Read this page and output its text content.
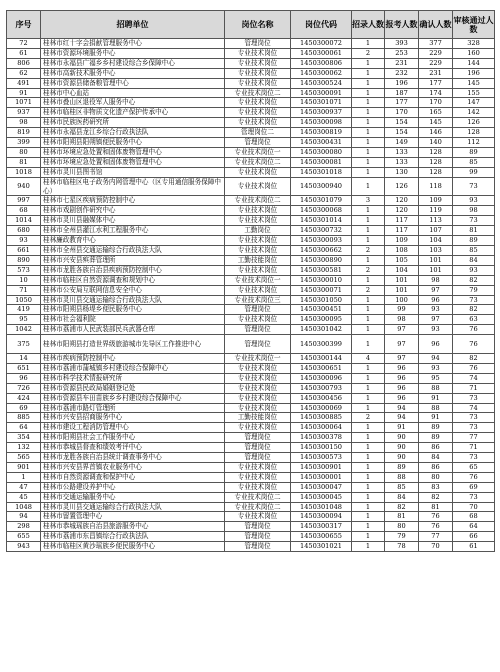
序号	招聘单位	岗位名称	岗位代码	招录人数	报考人数	确认人数	审核通过人数
72	桂林市红十字会捐献管理服务中心	管理岗位	1450300072	1	393	377	328
61	桂林市资源环境服务中心	专业技术岗位	1450300061	2	253	229	160
806	桂林市永福县广福乡乡村建设综合乡保障中心	专业技术岗位	1450300806	1	231	229	144
62	桂林市高新技术服务中心	专业技术岗位	1450300062	1	232	231	196
491	桂林市资源县储备粮管理中心	专业技术岗位	1450300524	1	196	177	145
91	桂林市中心血站	专业技术岗位二	1450300091	1	187	174	155
1071	桂林市叠山区退役军人服务中心	专业技术岗位	1450301071	1	177	170	147
937	桂林市临桂区非物质文化遗产保护传承中心	专业技术岗位	1450300937	1	170	165	142
98	桂林市民族医药研究所	专业技术岗位	1450300098	1	154	145	126
819	桂林市永福县龙江乡综合行政执法队	管理岗位二	1450300819	1	154	146	128
399	桂林市阳朔县阳朔镇便民服务中心	管理岗位	1450300431	1	149	140	112
80	桂林市环境应急处置和固体废物管理中心	专业技术岗位一	1450300080	1	133	128	89
81	桂林市环境应急处置和固体废物管理中心	专业技术岗位二	1450300081	1	133	128	85
1018	桂林市灵川县图书馆	专业技术岗位	1450301018	1	130	128	99
940	桂林市临桂区电子政务内网管理中心（区专用通信服务保障中心）	专业技术岗位	1450300940	1	126	118	73
997	桂林市七星区疾病预防控制中心	专业技术岗位二	1450301079	3	120	109	93
68	桂林市戏剧创作研究中心	专业技术岗位	1450300068	1	120	119	98
1014	桂林市灵川县融媒体中心	专业技术岗位	1450301014	1	117	113	73
680	桂林市全州县灌江水利工程服务中心	工勤岗位	1450300732	1	117	107	81
93	桂林廉政教育中心	专业技术岗位	1450300093	1	109	104	89
661	桂林市全州县交通运输综合行政执法大队	专业技术岗位	1450300662	2	108	103	85
890	桂林市兴安县殡葬管理所	工勤技能岗位	1450300890	1	105	101	84
573	桂林市龙胜各族自治县疾病预防控制中心	专业技术岗位	1450300581	2	104	101	93
10	桂林市临桂区自然资源调查和规划中心	专业技术岗位一	1450300010	1	101	98	82
71	桂林市公安局互联网信息安全中心	专业技术岗位	1450300071	2	101	97	79
1050	桂林市灵川县交通运输综合行政执法大队	专业技术岗位三	1450301050	1	100	96	73
419	桂林市阳朔县杨堤乡便民服务中心	管理岗位	1450300451	1	99	93	82
95	桂林市社会福利院	专业技术岗位	1450300095	1	98	97	63
1042	桂林市荔浦市人民武装部民兵武器仓库	管理岗位	1450301042	1	97	93	76
375	桂林市阳朔县打造世界级旅游城市先导区工作推进中心	管理岗位	1450300399	1	97	96	76
14	桂林市疾病预防控制中心	专业技术岗位一	1450300144	4	97	94	82
651	桂林市荔浦市蒲城镇乡村建设综合保障中心	专业技术岗位	1450300651	1	96	93	76
96	桂林市科学技术情报研究所	专业技术岗位	1450300096	1	96	95	74
726	桂林市资源县民政局婚姻登记处	专业技术岗位	1450300793	1	96	88	71
424	桂林市资源县车田苗族乡乡村建设综合保障中心	专业技术岗位	1450300456	1	96	91	73
69	桂林市荔浦市路灯管理所	专业技术岗位	1450300069	1	94	88	74
885	桂林市兴安县招商服务中心	工勤技能岗位	1450300885	2	94	91	73
64	桂林市建设工程消防管理中心	专业技术岗位	1450300064	1	91	89	73
354	桂林市阳朔县社会工作服务中心	管理岗位	1450300378	1	90	89	77
132	桂林市恭城县督查和绩效考评中心	管理岗位	1450300150	1	90	86	71
565	桂林市龙胜各族自治县统计调查事务中心	管理岗位	1450300573	1	90	84	73
901	桂林市兴安县界首镇农业服务中心	专业技术岗位	1450300901	1	89	86	65
1	桂林市自然资源调查和保护中心	专业技术岗位	1450300001	1	88	80	76
47	桂林市公路建设养护中心	专业技术岗位	1450300047	1	85	83	69
45	桂林市交通运输服务中心	专业技术岗位二	1450300045	1	84	82	73
1048	桂林市灵川县交通运输综合行政执法大队	专业技术岗位二	1450301048	1	82	81	70
94	桂林市留置管理中心	专业技术岗位	1450300094	1	81	76	68
298	桂林市恭城瑶族自治县旅游服务中心	管理岗位	1450300317	1	80	76	64
655	桂林市荔浦市东昌镇综合行政执法队	管理岗位	1450300655	1	79	77	66
943	桂林市临桂区黄沙瑶族乡便民服务中心	管理岗位	1450301021	1	78	70	61
